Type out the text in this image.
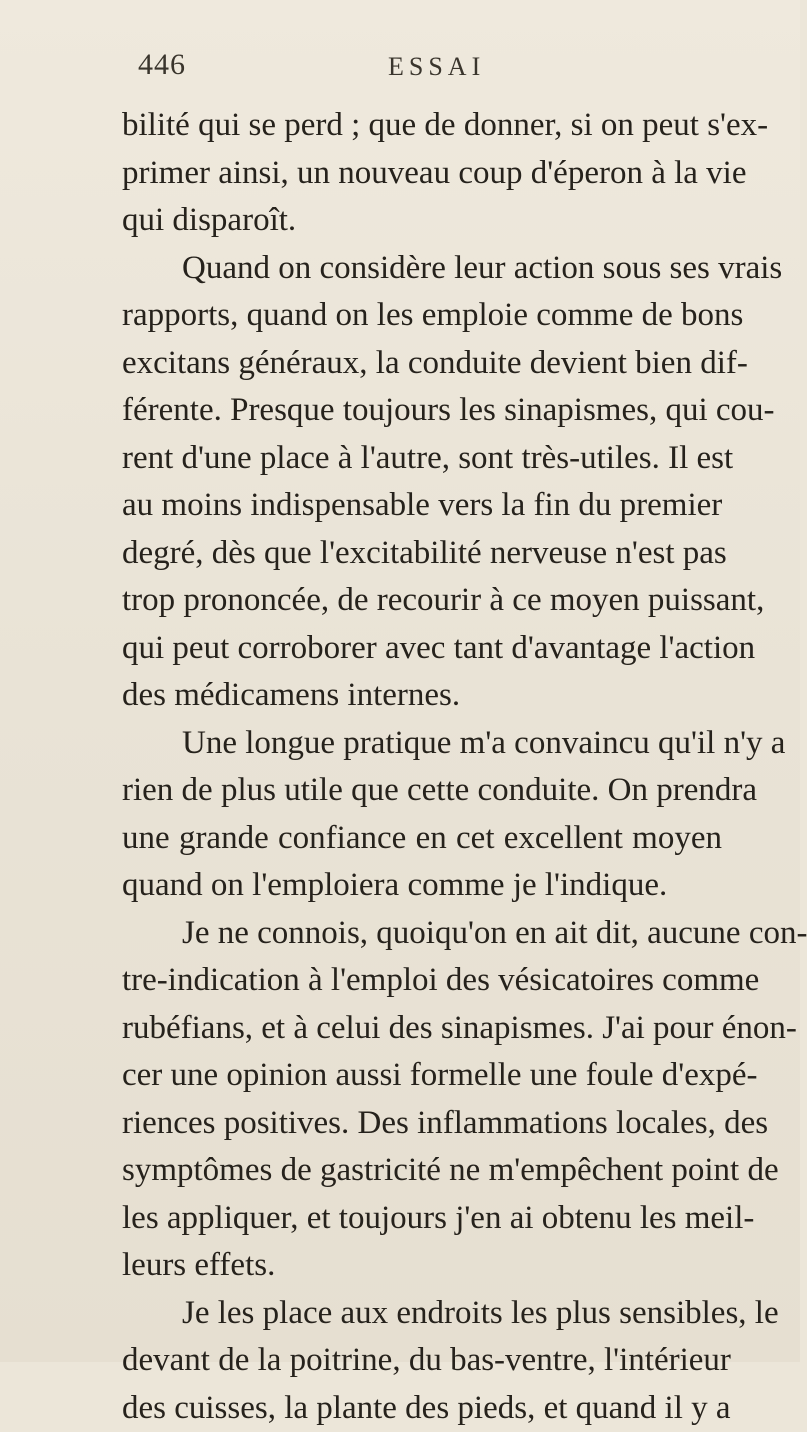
446	ESSAI
bilité qui se perd ; que de donner, si on peut s'ex-
primer ainsi, un nouveau coup d'éperon à la vie
qui disparoît.
Quand on considère leur action sous ses vrais
rapports, quand on les emploie comme de bons
excitans généraux, la conduite devient bien dif-
férente. Presque toujours les sinapismes, qui cou-
rent d'une place à l'autre, sont très-utiles. Il est
au moins indispensable vers la fin du premier
degré, dès que l'excitabilité nerveuse n'est pas
trop prononcée, de recourir à ce moyen puissant,
qui peut corroborer avec tant d'avantage l'action
des médicamens internes.
Une longue pratique m'a convaincu qu'il n'y a
rien de plus utile que cette conduite. On prendra
une grande confiance en cet excellent moyen
quand on l'emploiera comme je l'indique.
Je ne connois, quoiqu'on en ait dit, aucune con-
tre-indication à l'emploi des vésicatoires comme
rubéfians, et à celui des sinapismes. J'ai pour énon-
cer une opinion aussi formelle une foule d'expé-
riences positives. Des inflammations locales, des
symptômes de gastricité ne m'empêchent point de
les appliquer, et toujours j'en ai obtenu les meil-
leurs effets.
Je les place aux endroits les plus sensibles, le
devant de la poitrine, du bas-ventre, l'intérieur
des cuisses, la plante des pieds, et quand il y a
